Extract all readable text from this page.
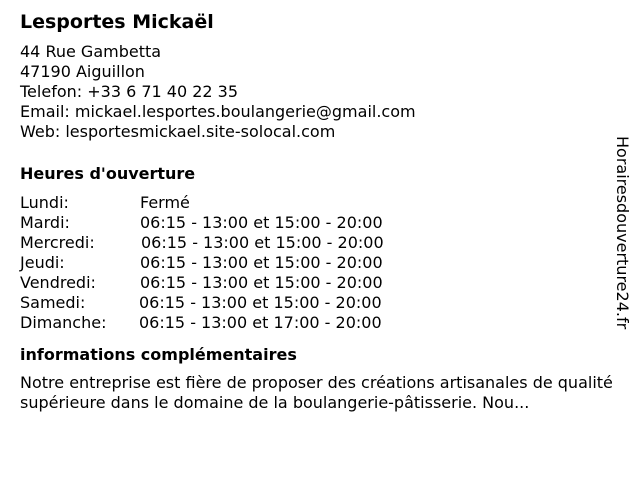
Lesportes Mickaël
44 Rue Gambetta
47190 Aiguillon
Telefon: +33 6 71 40 22 35
Email: mickael.lesportes.boulangerie@gmail.com
Web: lesportesmickael.site-solocal.com
Heures d'ouverture
Lundi:	Fermé
Mardi:	06:15 - 13:00 et 15:00 - 20:00
Mercredi:	06:15 - 13:00 et 15:00 - 20:00
Jeudi:	06:15 - 13:00 et 15:00 - 20:00
Vendredi:	06:15 - 13:00 et 15:00 - 20:00
Samedi:	06:15 - 13:00 et 15:00 - 20:00
Dimanche: 06:15 - 13:00 et 17:00 - 20:00
informations complémentaires
Notre entreprise est fière de proposer des créations artisanales de qualité supérieure dans le domaine de la boulangerie-pâtisserie. Nou...
Horairesdouverture24.fr
